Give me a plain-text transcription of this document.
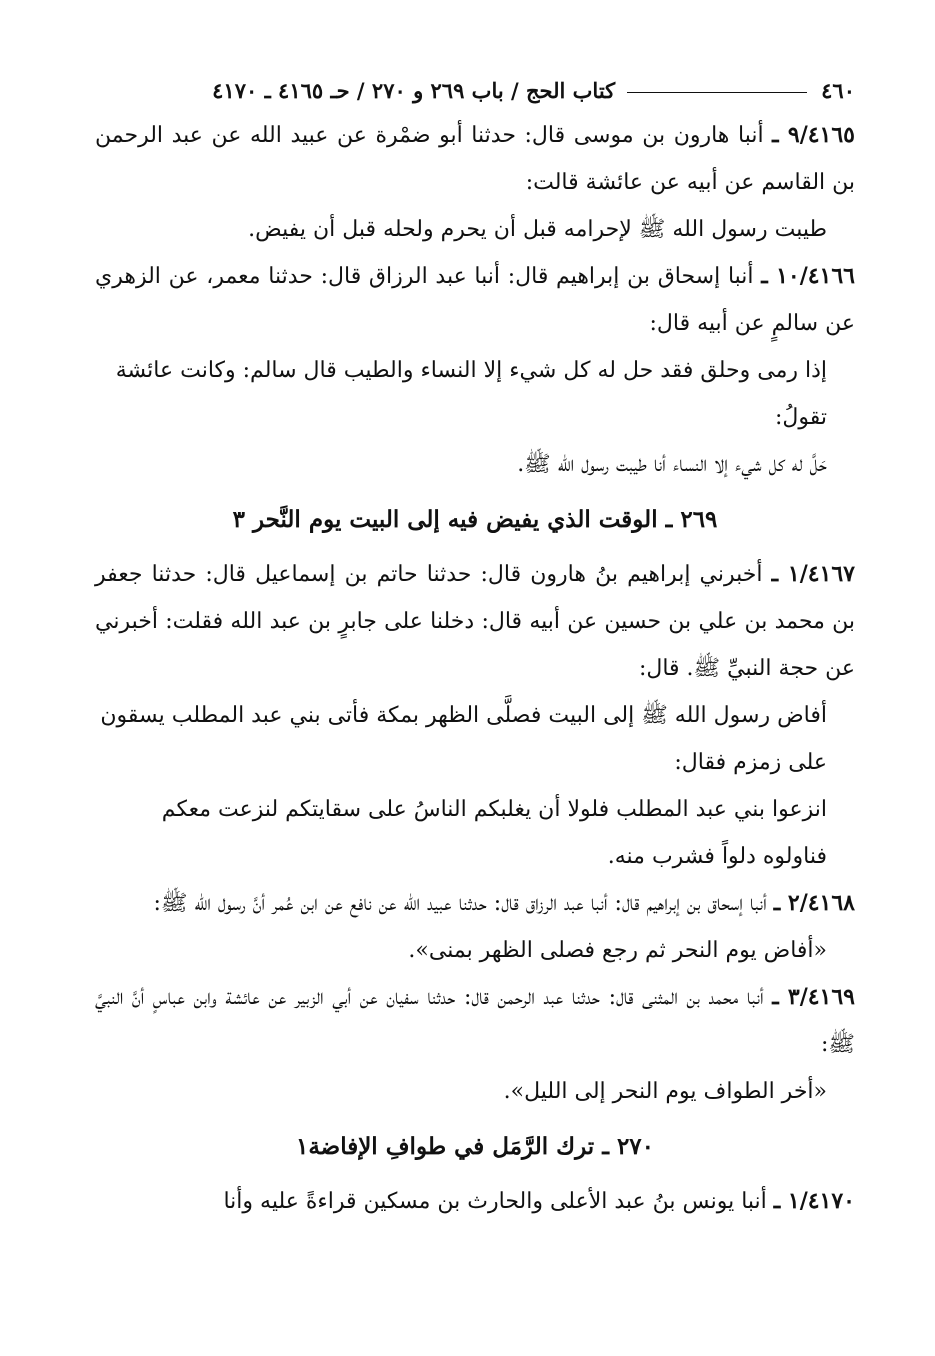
٤٦٠
كتاب الحج / باب ٢٦٩ و ٢٧٠ / حـ ٤١٦٥ ـ ٤١٧٠

٩/٤١٦٥ ـ أنبا هارون بن موسى قال: حدثنا أبو ضمْرة عن عبيد الله عن عبد الرحمن بن القاسم عن أبيه عن عائشة قالت:

طيبت رسول الله ﷺ لإحرامه قبل أن يحرم ولحله قبل أن يفيض.

١٠/٤١٦٦ ـ أنبا إسحاق بن إبراهيم قال: أنبا عبد الرزاق قال: حدثنا معمر، عن الزهري عن سالمٍ عن أبيه قال:

إذا رمى وحلق فقد حل له كل شيء إلا النساء والطيب قال سالم: وكانت عائشة تقولُ:

حَلَّ له كل شيء إلا النساء أنا طيبت رسول الله ﷺ.

٢٦٩ ـ الوقت الذي يفيض فيه إلى البيت يوم النَّحر ٣

١/٤١٦٧ ـ أخبرني إبراهيم بنُ هارون قال: حدثنا حاتم بن إسماعيل قال: حدثنا جعفر بن محمد بن علي بن حسين عن أبيه قال: دخلنا على جابرٍ بن عبد الله فقلت: أخبرني عن حجة النبيِّ ﷺ. قال:

أفاض رسول الله ﷺ إلى البيت فصلَّى الظهر بمكة فأتى بني عبد المطلب يسقون على زمزم فقال:

انزعوا بني عبد المطلب فلولا أن يغلبكم الناسُ على سقايتكم لنزعت معكم فناولوه دلواً فشرب منه.

٢/٤١٦٨ ـ أنبا إسحاق بن إبراهيم قال: أنبا عبد الرزاق قال: حدثنا عبيد الله عن نافع عن ابن عُمر أنَّ رسول الله ﷺ:

«أفاض يوم النحر ثم رجع فصلى الظهر بمنى».

٣/٤١٦٩ ـ أنبا محمد بن المثنى قال: حدثنا عبد الرحمن قال: حدثنا سفيان عن أبي الزبير عن عائشة وابن عباسٍ أنَّ النبيَّ ﷺ:

«أخر الطواف يوم النحر إلى الليل».

٢٧٠ ـ ترك الرَّمَل في طوافِ الإفاضة١

١/٤١٧٠ ـ أنبا يونس بنُ عبد الأعلى والحارث بن مسكين قراءةً عليه وأنا
